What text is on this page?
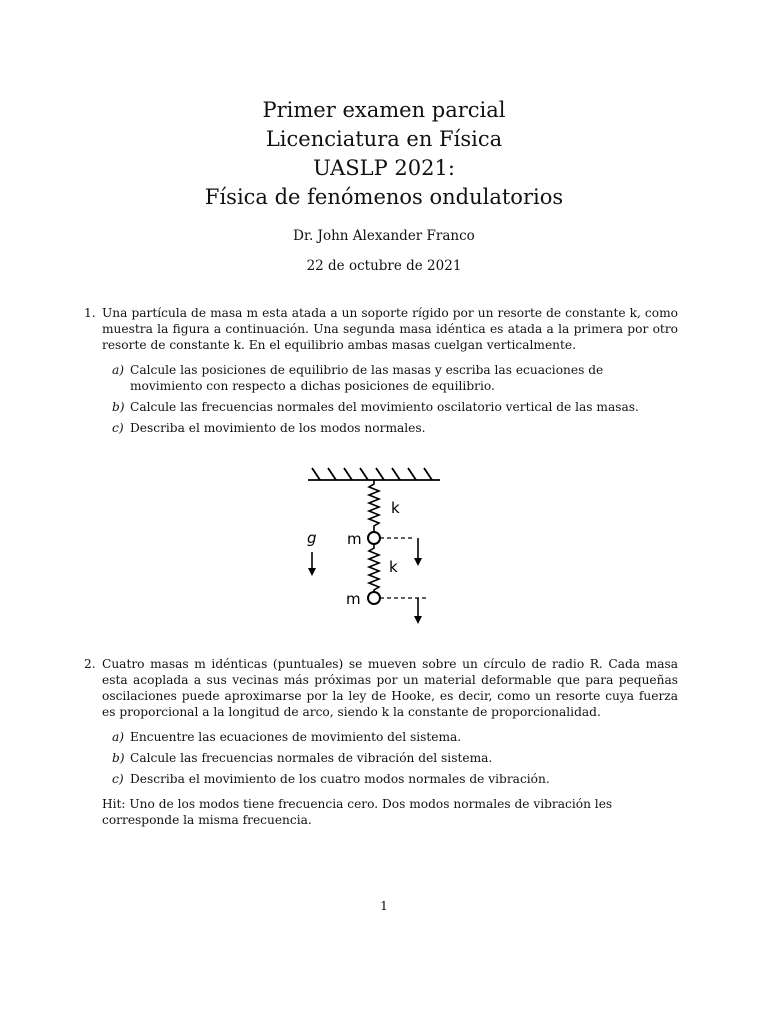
Primer examen parcial
Licenciatura en Física
UASLP 2021:
Física de fenómenos ondulatorios
Dr. John Alexander Franco
22 de octubre de 2021
1. Una partícula de masa m esta atada a un soporte rígido por un resorte de constante k, como muestra la figura a continuación. Una segunda masa idéntica es atada a la primera por otro resorte de constante k. En el equilibrio ambas masas cuelgan verticalmente.
a) Calcule las posiciones de equilibrio de las masas y escriba las ecuaciones de movimiento con respecto a dichas posiciones de equilibrio.
b) Calcule las frecuencias normales del movimiento oscilatorio vertical de las masas.
c) Describa el movimiento de los modos normales.
k
k
m
m
g
2. Cuatro masas m idénticas (puntuales) se mueven sobre un círculo de radio R. Cada masa esta acoplada a sus vecinas más próximas por un material deformable que para pequeñas oscilaciones puede aproximarse por la ley de Hooke, es decir, como un resorte cuya fuerza es proporcional a la longitud de arco, siendo k la constante de proporcionalidad.
a) Encuentre las ecuaciones de movimiento del sistema.
b) Calcule las frecuencias normales de vibración del sistema.
c) Describa el movimiento de los cuatro modos normales de vibración.
Hit: Uno de los modos tiene frecuencia cero. Dos modos normales de vibración les corresponde la misma frecuencia.
1
